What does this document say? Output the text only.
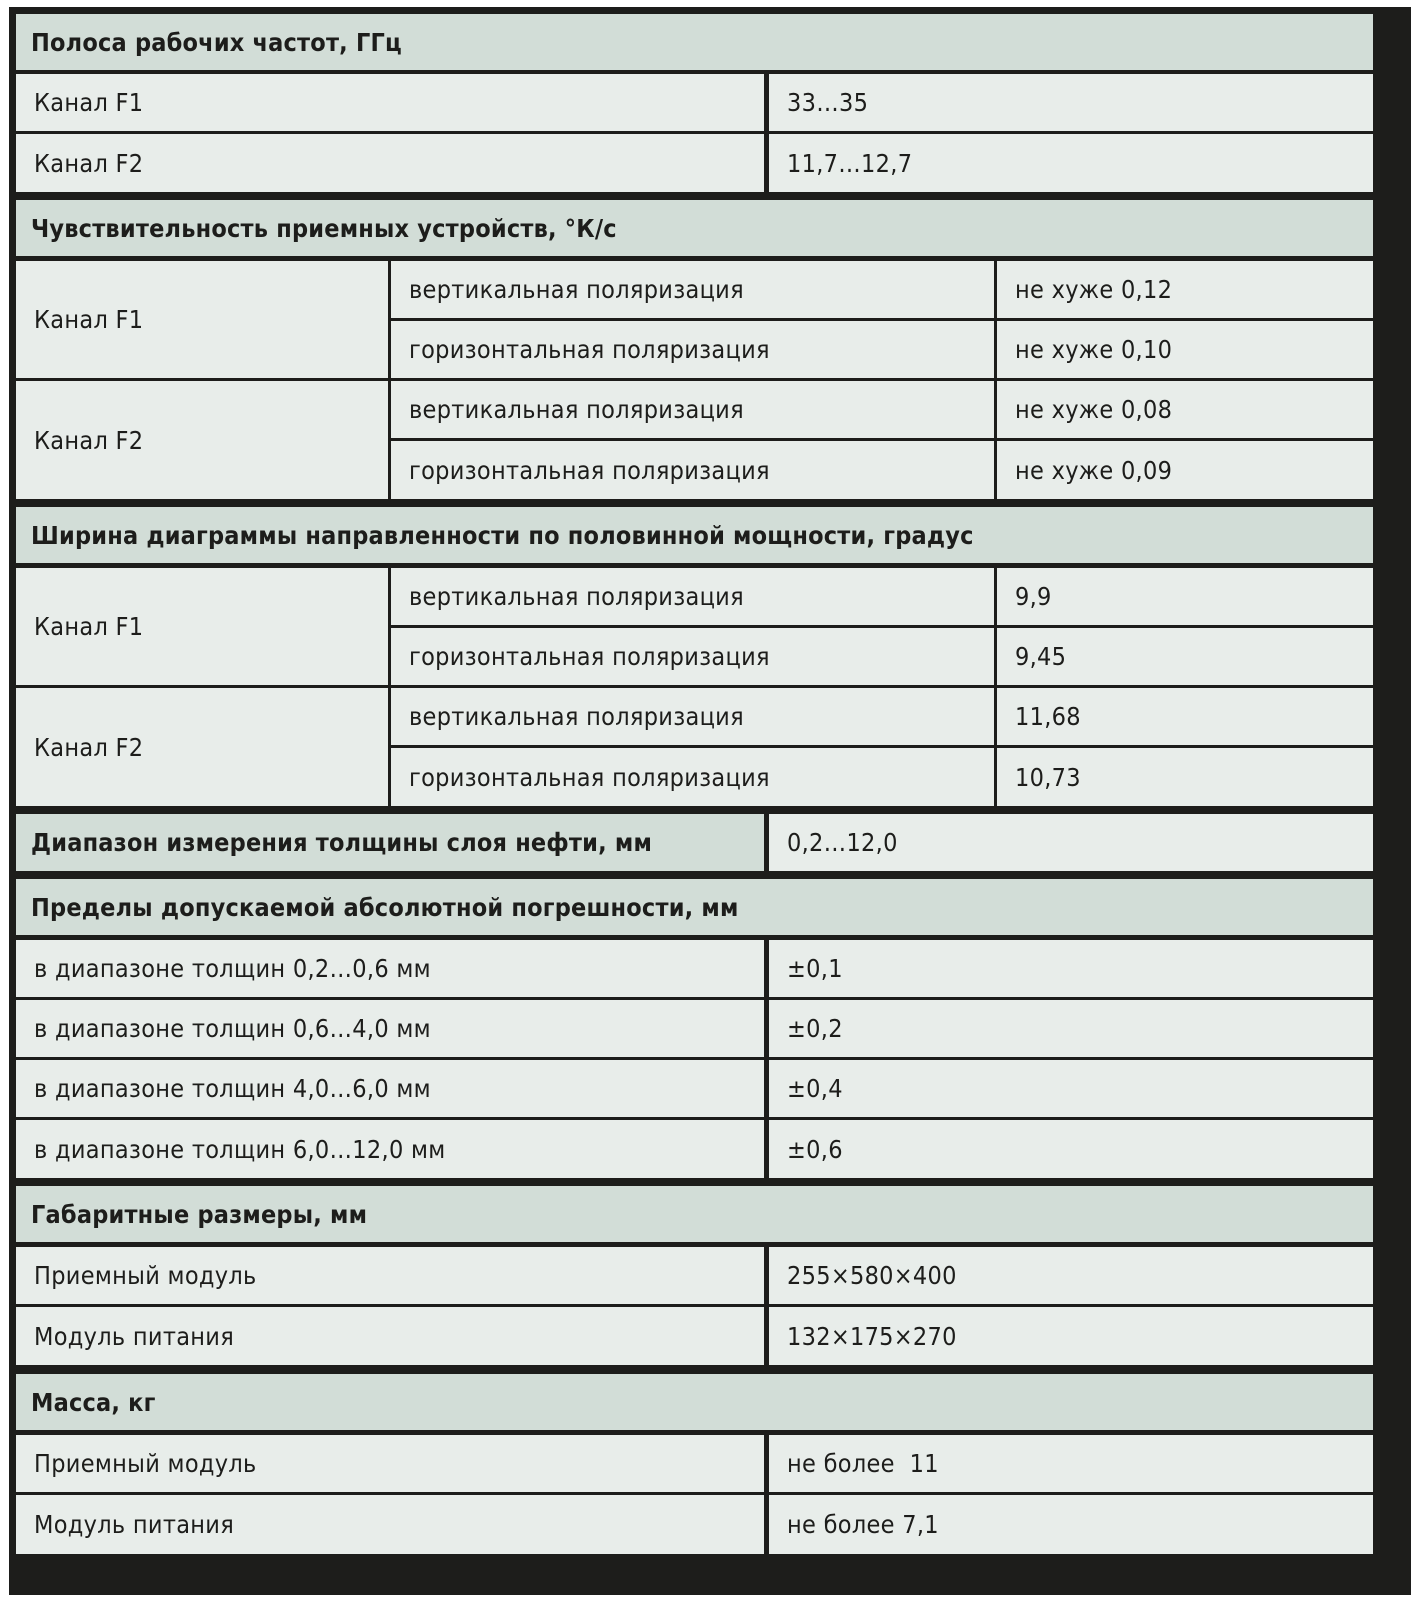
Полоса рабочих частот, ГГц
Канал F1	33…35
Канал F2	11,7…12,7
Чувствительность приемных устройств, °К/с
Канал F1
вертикальная поляризация	не хуже 0,12
горизонтальная поляризация	не хуже 0,10
Канал F2
вертикальная поляризация	не хуже 0,08
горизонтальная поляризация	не хуже 0,09
Ширина диаграммы направленности по половинной мощности, градус
Канал F1
вертикальная поляризация	9,9
горизонтальная поляризация	9,45
Канал F2
вертикальная поляризация	11,68
горизонтальная поляризация	10,73
Диапазон измерения толщины слоя нефти, мм	0,2…12,0
Пределы допускаемой абсолютной погрешности, мм
в диапазоне толщин 0,2…0,6 мм	±0,1
в диапазоне толщин 0,6…4,0 мм	±0,2
в диапазоне толщин 4,0…6,0 мм	±0,4
в диапазоне толщин 6,0…12,0 мм	±0,6
Габаритные размеры, мм
Приемный модуль	255×580×400
Модуль питания	132×175×270
Масса, кг
Приемный модуль	не более  11
Модуль питания	не более 7,1
